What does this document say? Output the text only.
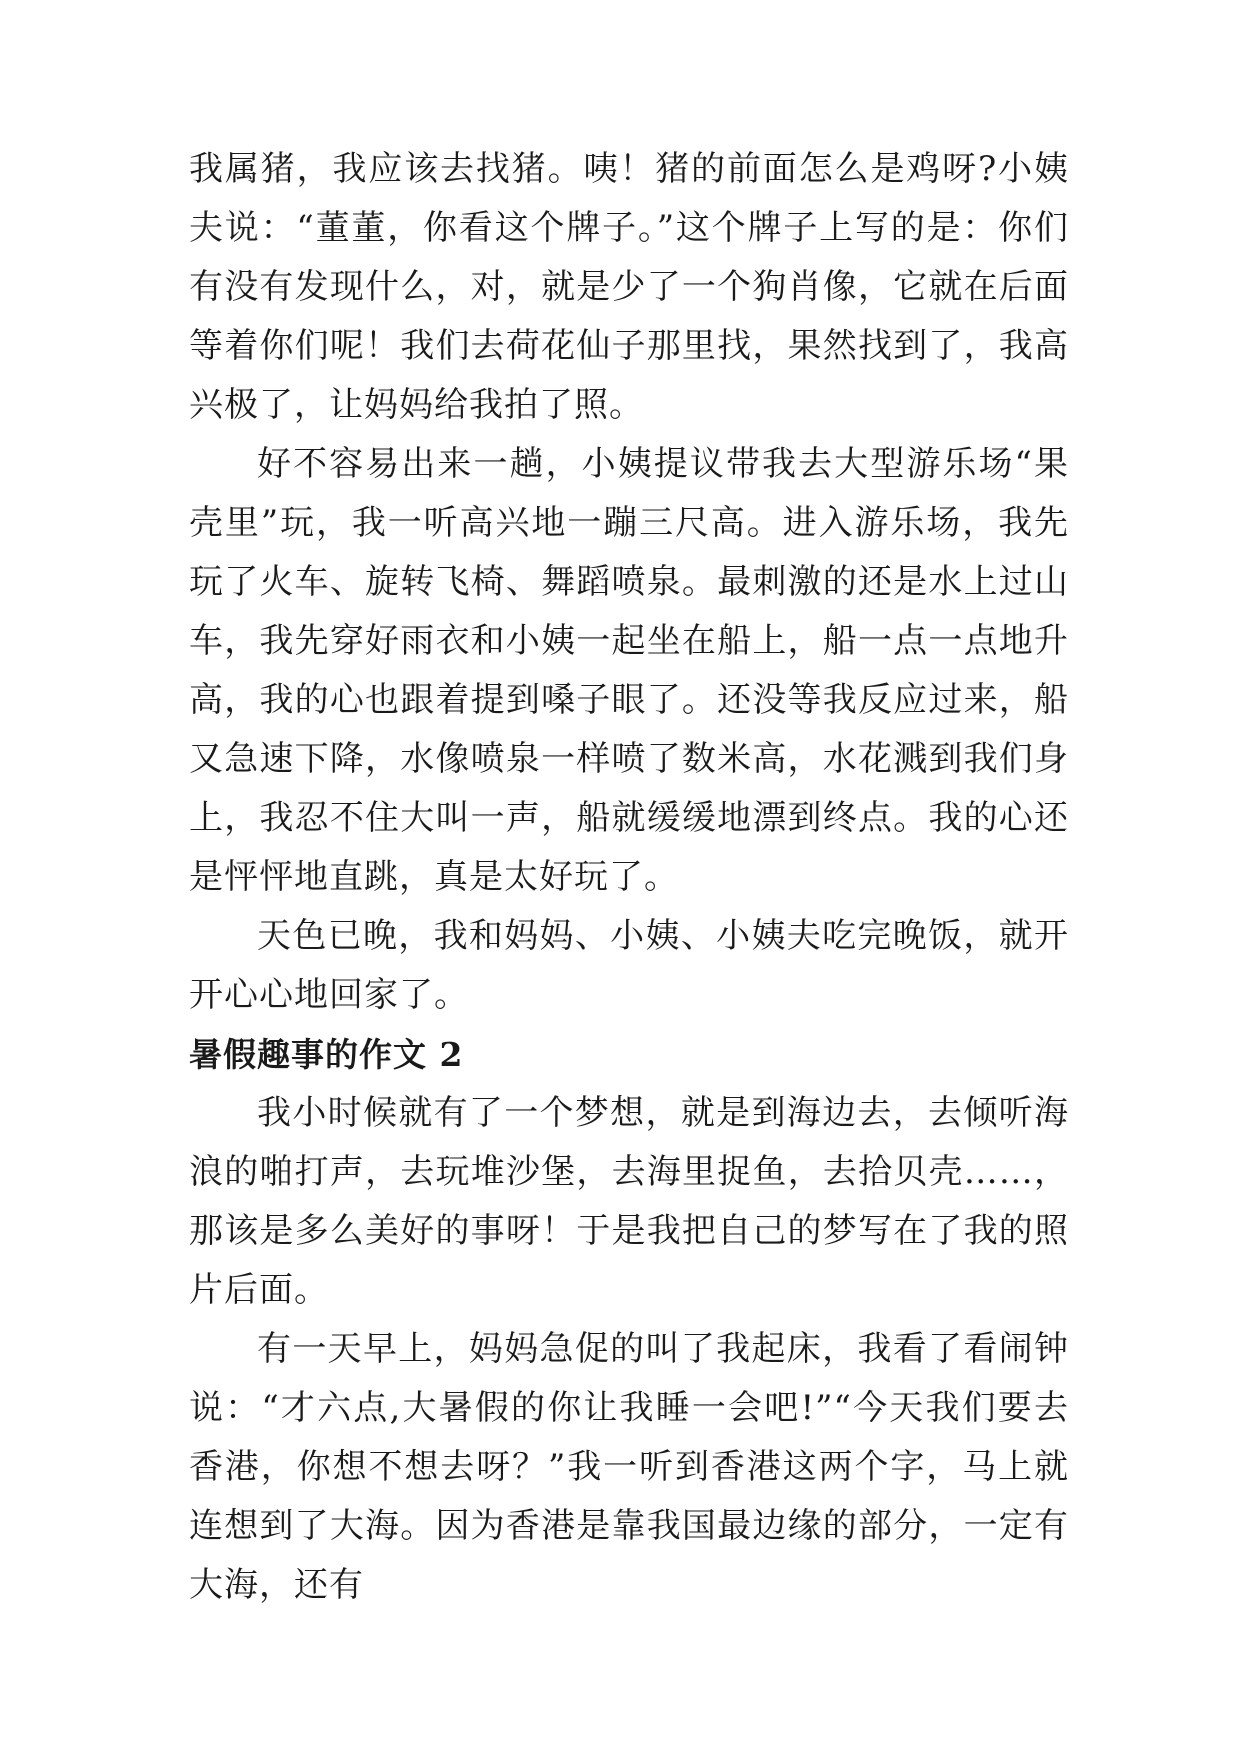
我属猪，我应该去找猪。咦！猪的前面怎么是鸡呀?小姨夫说：“董董，你看这个牌子。”这个牌子上写的是：你们有没有发现什么，对，就是少了一个狗肖像，它就在后面等着你们呢！我们去荷花仙子那里找，果然找到了，我高兴极了，让妈妈给我拍了照。

好不容易出来一趟，小姨提议带我去大型游乐场“果壳里”玩，我一听高兴地一蹦三尺高。进入游乐场，我先玩了火车、旋转飞椅、舞蹈喷泉。最刺激的还是水上过山车，我先穿好雨衣和小姨一起坐在船上，船一点一点地升高，我的心也跟着提到嗓子眼了。还没等我反应过来，船又急速下降，水像喷泉一样喷了数米高，水花溅到我们身上，我忍不住大叫一声，船就缓缓地漂到终点。我的心还是怦怦地直跳，真是太好玩了。

天色已晚，我和妈妈、小姨、小姨夫吃完晚饭，就开开心心地回家了。

暑假趣事的作文 2

我小时候就有了一个梦想，就是到海边去，去倾听海浪的啪打声，去玩堆沙堡，去海里捉鱼，去拾贝壳……，那该是多么美好的事呀！于是我把自己的梦写在了我的照片后面。

有一天早上，妈妈急促的叫了我起床，我看了看闹钟说：“才六点,大暑假的你让我睡一会吧!”“今天我们要去香港，你想不想去呀？”我一听到香港这两个字，马上就连想到了大海。因为香港是靠我国最边缘的部分，一定有大海，还有
